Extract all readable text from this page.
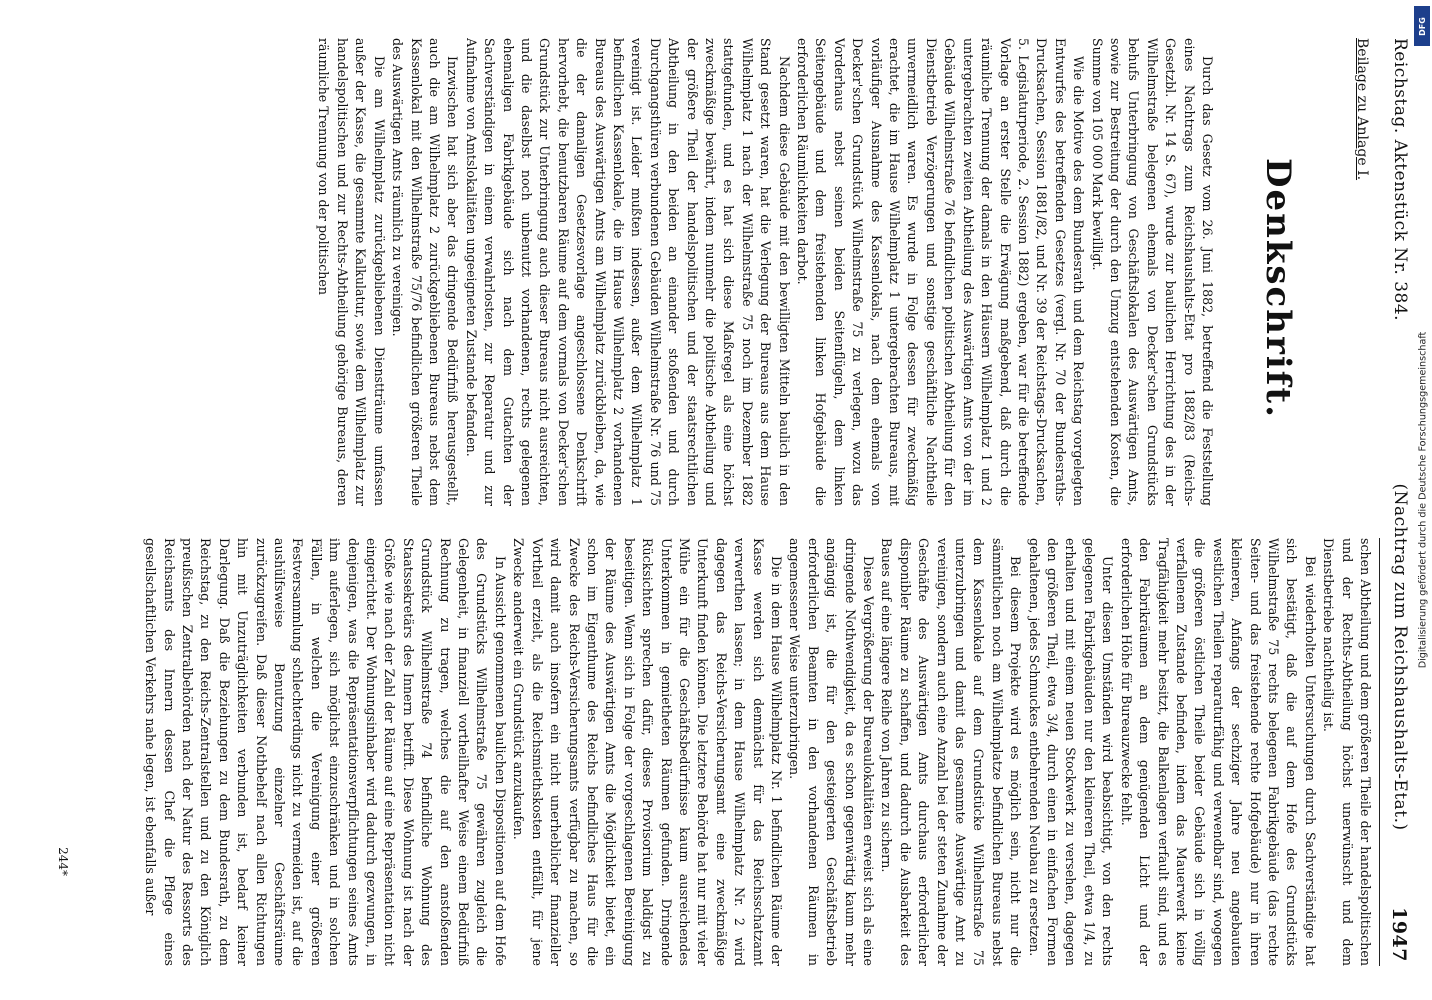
Reichstag. Aktenstück Nr. 384.
(Nachtrag zum Reichshaushalts-Etat.)
1947
Beilage zu Anlage I.
Denkschrift.

Durch das Gesetz vom 26. Juni 1882, betreffend die Feststellung eines Nachtrags zum Reichshaushalts-Etat pro 1882/83 (Reichs-Gesetzbl. Nr. 14 S. 67), wurde zur baulichen Herrichtung des in der Wilhelmstraße belegenen ehemals von Decker'schen Grundstücks behufs Unterbringung von Geschäftslokalen des Auswärtigen Amts, sowie zur Bestreitung der durch den Umzug entstehenden Kosten, die Summe von 105 000 Mark bewilligt.

Wie die Motive des dem Bundesrath und dem Reichstag vorgelegten Entwurfes des betreffenden Gesetzes (vergl. Nr. 70 der Bundesraths-Drucksachen, Session 1881/82, und Nr. 39 der Reichstags-Drucksachen, 5. Legislaturperiode, 2. Session 1882) ergeben, war für die betreffende Vorlage an erster Stelle die Erwägung maßgebend, daß durch die räumliche Trennung der damals in den Häusern Wilhelmplatz 1 und 2 untergebrachten zweiten Abtheilung des Auswärtigen Amts von der im Gebäude Wilhelmstraße 76 befindlichen politischen Abtheilung für den Dienstbetrieb Verzögerungen und sonstige geschäftliche Nachtheile unvermeidlich waren. Es wurde in Folge dessen für zweckmäßig erachtet, die im Hause Wilhelmplatz 1 untergebrachten Bureaus, mit vorläufiger Ausnahme des Kassenlokals, nach dem ehemals von Decker'schen Grundstück Wilhelmstraße 75 zu verlegen, wozu das Vorderhaus nebst seinen beiden Seitenflügeln, dem linken Seitengebäude und dem freistehenden linken Hofgebäude die erforderlichen Räumlichkeiten darbot.

Nachdem diese Gebäude mit den bewilligten Mitteln baulich in den Stand gesetzt waren, hat die Verlegung der Bureaus aus dem Hause Wilhelmplatz 1 nach der Wilhelmstraße 75 noch im Dezember 1882 stattgefunden, und es hat sich diese Maßregel als eine höchst zweckmäßige bewährt, indem nunmehr die politische Abtheilung und der größere Theil der handelspolitischen und der staatsrechtlichen Abtheilung in den beiden an einander stoßenden und durch Durchgangsthüren verbundenen Gebäuden Wilhelmstraße Nr. 76 und 75 vereinigt ist. Leider mußten indessen, außer dem Wilhelmplatz 1 befindlichen Kassenlokale, die im Hause Wilhelmplatz 2 vorhandenen Bureaus des Auswärtigen Amts am Wilhelmplatz zurückbleiben, da, wie die der damaligen Gesetzesvorlage angeschlossene Denkschrift hervorhebt, die benutzbaren Räume auf dem vormals von Decker'schen Grundstück zur Unterbringung auch dieser Bureaus nicht ausreichten, und die daselbst noch unbenutzt vorhandenen, rechts gelegenen ehemaligen Fabrikgebäude sich nach dem Gutachten der Sachverständigen in einem verwahrlosten, zur Reparatur und zur Aufnahme von Amtslokalitäten ungeeigneten Zustande befanden.

Inzwischen hat sich aber das dringende Bedürfniß herausgestellt, auch die am Wilhelmplatz 2 zurückgebliebenen Bureaus nebst dem Kassenlokal mit den Wilhelmstraße 75/76 befindlichen größeren Theile des Auswärtigen Amts räumlich zu vereinigen.

Die am Wilhelmplatz zurückgebliebenen Dienstträume umfassen außer der Kasse, die gesammte Kalkulatur, sowie dem Wilhelmplatz zur handelspolitischen und zur Rechts-Abtheilung gehörige Bureaus, deren räumliche Trennung von der politischen

schen Abtheilung und dem größeren Theile der handelspolitischen und der Rechts-Abtheilung höchst unerwünscht und dem Dienstbetriebe nachtheilig ist.

Bei wiederholten Untersuchungen durch Sachverständige hat sich bestätigt, daß die auf dem Hofe des Grundstücks Wilhelmstraße 75 rechts belegenen Fabrikgebäude (das rechte Seiten- und das freistehende rechte Hofgebäude) nur in ihren kleineren, Anfangs der sechziger Jahre neu angebauten westlichen Theilen reparaturfähig und verwendbar sind, wogegen die größeren östlichen Theile beider Gebäude sich in völlig verfallenem Zustande befinden, indem das Mauerwerk keine Tragfähigkeit mehr besitzt, die Balkenlagen verfault sind, und es den Fabrikräumen an dem genügenden Licht und der erforderlichen Höhe für Bureauzwecke fehlt.

Unter diesen Umständen wird beabsichtigt, von den rechts gelegenen Fabrikgebäuden nur den kleineren Theil, etwa 1/4, zu erhalten und mit einem neuen Stockwerk zu versehen, dagegen den größeren Theil, etwa 3/4, durch einen in einfachen Formen gehaltenen, jedes Schmuckes entbehrenden Neubau zu ersetzen.

Bei diesem Projekte wird es möglich sein, nicht nur die sämmtlichen noch am Wilhelmplatze befindlichen Bureaus nebst dem Kassenlokale auf dem Grundstücke Wilhelmstraße 75 unterzubringen und damit das gesammte Auswärtige Amt zu vereinigen, sondern auch eine Anzahl bei der steten Zunahme der Geschäfte des Auswärtigen Amts durchaus erforderlicher disponibler Räume zu schaffen, und dadurch die Ausbarkeit des Baues auf eine längere Reihe von Jahren zu sichern.

Diese Vergrößerung der Bureaulokalitäten erweist sich als eine dringende Nothwendigkeit, da es schon gegenwärtig kaum mehr angängig ist, die für den gesteigerten Geschäftsbetrieb erforderlichen Beamten in den vorhandenen Räumen in angemessener Weise unterzubringen.

Die in dem Hause Wilhelmplatz Nr. 1 befindlichen Räume der Kasse werden sich demnächst für das Reichsschatzamt verwerthen lassen; in dem Hause Wilhelmplatz Nr. 2 wird dagegen das Reichs-Versicherungsamt eine zweckmäßige Unterkunft finden können. Die letztere Behörde hat nur mit vieler Mühe ein für die Geschäftsbedürfnisse kaum ausreichendes Unterkommen in gemietheten Räumen gefunden. Dringende Rücksichten sprechen dafür, dieses Provisorium baldigst zu beseitigen. Wenn sich in Folge der vorgeschlagenen Bereinigung der Räume des Auswärtigen Amts die Möglichkeit bietet, ein schon im Eigenthume des Reichs befindliches Haus für die Zwecke des Reichs-Versicherungsamts verfügbar zu machen, so wird damit auch insofern ein nicht unerheblicher finanzieller Vortheil erzielt, als die Reichsmiethskosten entfällt, für jene Zwecke anderweit ein Grundstück anzukaufen.

In Aussicht genommenen baulichen Dispositionen auf dem Hofe des Grundstücks Wilhelmstraße 75 gewähren zugleich die Gelegenheit, in finanziell vortheilhafter Weise einem Bedürfniß Rechnung zu tragen, welches die auf den anstoßenden Grundstück Wilhelmstraße 74 befindliche Wohnung des Staatssekretärs des Innern betrifft. Diese Wohnung ist nach der Größe wie nach der Zahl der Räume auf eine Repräsentation nicht eingerichtet. Der Wohnungsinhaber wird dadurch gezwungen, in denjenigen, was die Repräsentationsverpflichtungen seines Amts ihm auferlegen, sich möglichst einzuschränken und in solchen Fällen, in welchen die Vereinigung einer größeren Festversammlung schlechterdings nicht zu vermeiden ist, auf die aushülfsweise Benutzung einzelner Geschäftsräume zurückzugreifen. Daß dieser Nothbehelf nach allen Richtungen hin mit Unzuträglichkeiten verbunden ist, bedarf keiner Darlegung. Daß die Beziehungen zu dem Bundesrath, zu dem Reichstag, zu den Reichs-Zentralstellen und zu den Königlich preußischen Zentralbehörden nach der Natur des Ressorts des Reichsamts des Innern dessen Chef die Pflege eines gesellschaftlichen Verkehrs nahe legen, ist ebenfalls außer

244*
DFG
Digitalisierung gefördert durch die Deutsche Forschungsgemeinschaft
